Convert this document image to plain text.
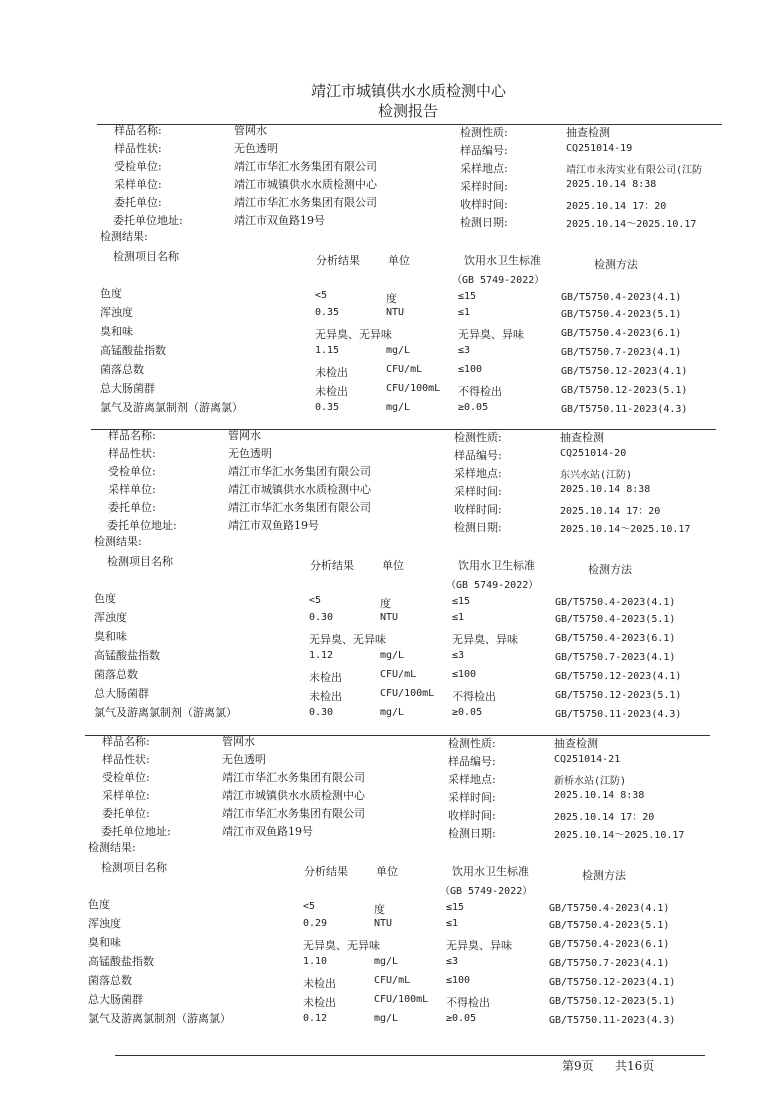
靖江市城镇供水水质检测中心
检测报告
样品名称:	管网水
样品性状:	无色透明
受检单位:	靖江市华汇水务集团有限公司
采样单位:	靖江市城镇供水水质检测中心
委托单位:	靖江市华汇水务集团有限公司
委托单位地址:	靖江市双鱼路19号
检测性质:	抽查检测
样品编号:	CQ251014-19
采样地点:	靖江市永涛实业有限公司(江防
采样时间:	2025.10.14 8:38
收样时间:	2025.10.14 17：20
检测日期:	2025.10.14～2025.10.17
检测结果:
检测项目名称	分析结果	单位	饮用水卫生标准
（GB 5749-2022）
检测方法
色度	<5	度	≤15	GB/T5750.4-2023(4.1)
浑浊度	0.35	NTU	≤1	GB/T5750.4-2023(5.1)
臭和味	无异臭、无异味	无异臭、异味	GB/T5750.4-2023(6.1)
高锰酸盐指数	1.15	mg/L	≤3	GB/T5750.7-2023(4.1)
菌落总数	未检出	CFU/mL	≤100	GB/T5750.12-2023(4.1)
总大肠菌群	未检出	CFU/100mL 不得检出	GB/T5750.12-2023(5.1)
氯气及游离氯制剂（游离氯）	0.35	mg/L	≥0.05	GB/T5750.11-2023(4.3)
样品名称:	管网水
样品性状:	无色透明
受检单位:	靖江市华汇水务集团有限公司
采样单位:	靖江市城镇供水水质检测中心
委托单位:	靖江市华汇水务集团有限公司
委托单位地址:	靖江市双鱼路19号
检测性质:	抽查检测
样品编号:	CQ251014-20
采样地点:	东兴水站(江防)
采样时间:	2025.10.14 8:38
收样时间:	2025.10.14 17：20
检测日期:	2025.10.14～2025.10.17
检测结果:
检测项目名称	分析结果	单位	饮用水卫生标准
（GB 5749-2022）
检测方法
色度	<5	度	≤15	GB/T5750.4-2023(4.1)
浑浊度	0.30	NTU	≤1	GB/T5750.4-2023(5.1)
臭和味	无异臭、无异味	无异臭、异味	GB/T5750.4-2023(6.1)
高锰酸盐指数	1.12	mg/L	≤3	GB/T5750.7-2023(4.1)
菌落总数	未检出	CFU/mL	≤100	GB/T5750.12-2023(4.1)
总大肠菌群	未检出	CFU/100mL 不得检出	GB/T5750.12-2023(5.1)
氯气及游离氯制剂（游离氯）	0.30	mg/L	≥0.05	GB/T5750.11-2023(4.3)
样品名称:	管网水
样品性状:	无色透明
受检单位:	靖江市华汇水务集团有限公司
采样单位:	靖江市城镇供水水质检测中心
委托单位:	靖江市华汇水务集团有限公司
委托单位地址:	靖江市双鱼路19号
检测性质:	抽查检测
样品编号:	CQ251014-21
采样地点:	新桥水站(江防)
采样时间:	2025.10.14 8:38
收样时间:	2025.10.14 17：20
检测日期:	2025.10.14～2025.10.17
检测结果:
检测项目名称	分析结果	单位	饮用水卫生标准
（GB 5749-2022）
检测方法
色度	<5	度	≤15	GB/T5750.4-2023(4.1)
浑浊度	0.29	NTU	≤1	GB/T5750.4-2023(5.1)
臭和味	无异臭、无异味	无异臭、异味	GB/T5750.4-2023(6.1)
高锰酸盐指数	1.10	mg/L	≤3	GB/T5750.7-2023(4.1)
菌落总数	未检出	CFU/mL	≤100	GB/T5750.12-2023(4.1)
总大肠菌群	未检出	CFU/100mL 不得检出	GB/T5750.12-2023(5.1)
氯气及游离氯制剂（游离氯）	0.12	mg/L	≥0.05	GB/T5750.11-2023(4.3)
第9页 共16页
